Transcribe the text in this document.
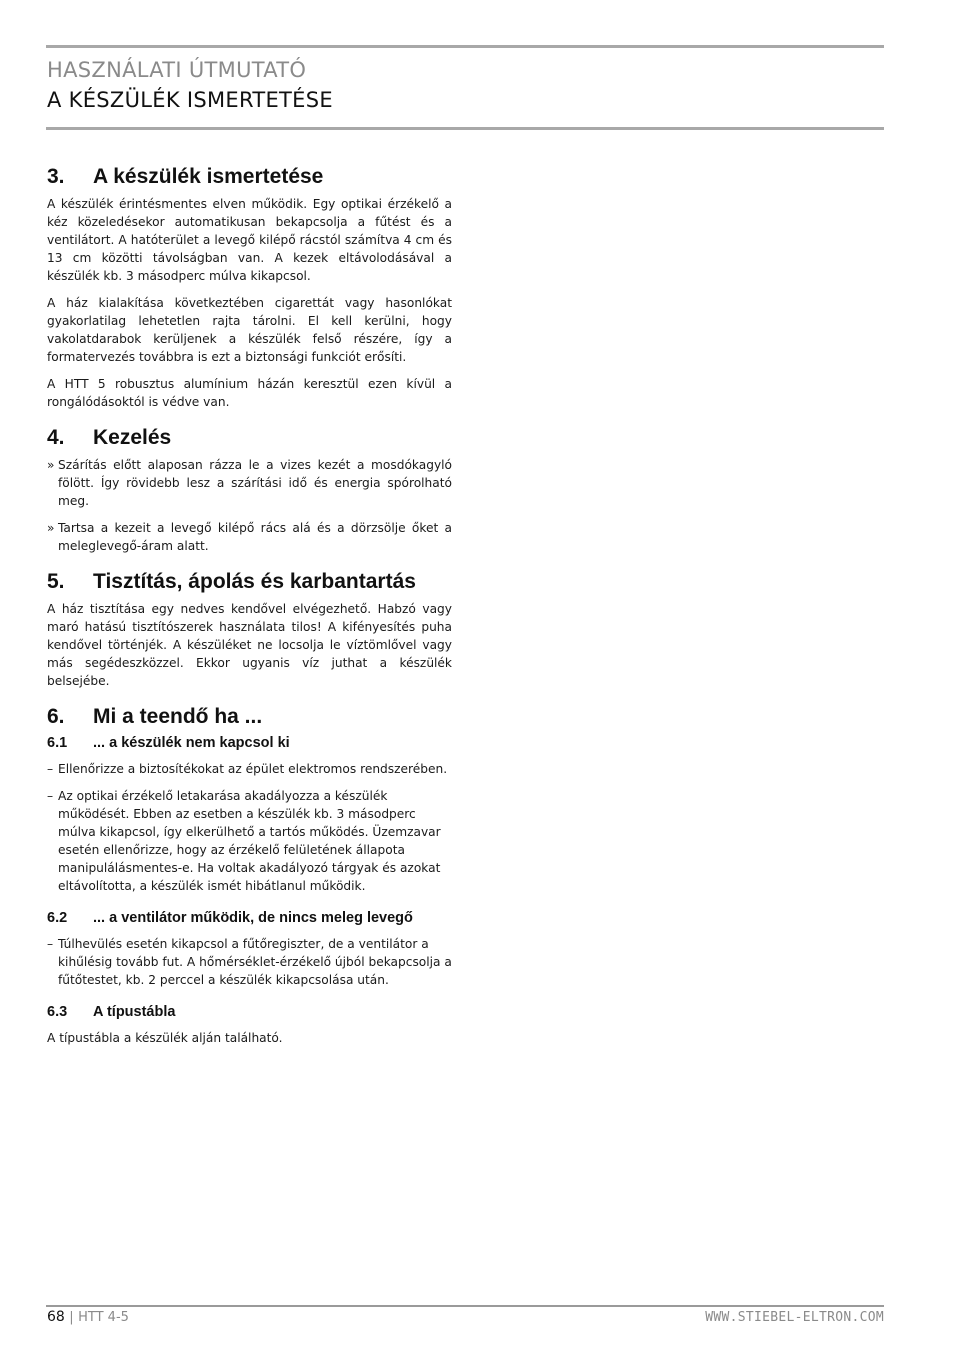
HASZNÁLATI ÚTMUTATÓ
A KÉSZÜLÉK ISMERTETÉSE
3.	A készülék ismertetése

A készülék érintésmentes elven működik. Egy optikai érzékelő a kéz közeledésekor automatikusan bekapcsolja a fűtést és a ventilátort. A hatóterület a levegő kilépő rácstól számítva 4 cm és 13 cm közötti távolságban van. A kezek eltávolodásával a készülék kb. 3 másodperc múlva kikapcsol.

A ház kialakítása következtében cigarettát vagy hasonlókat gyakorlatilag lehetetlen rajta tárolni. El kell kerülni, hogy vakolatdarabok kerüljenek a készülék felső részére, így a formatervezés továbbra is ezt a biztonsági funkciót erősíti.

A HTT 5 robusztus alumínium házán keresztül ezen kívül a rongálódásoktól is védve van.

4.	Kezelés
» Szárítás előtt alaposan rázza le a vizes kezét a mosdókagyló fölött. Így rövidebb lesz a szárítási idő és energia spórolható meg.
» Tartsa a kezeit a levegő kilépő rács alá és a dörzsölje őket a meleglevegő-áram alatt.
5.	Tisztítás, ápolás és karbantartás

A ház tisztítása egy nedves kendővel elvégezhető. Habzó vagy maró hatású tisztítószerek használata tilos! A kifényesítés puha kendővel történjék. A készüléket ne locsolja le víztömlővel vagy más segédeszközzel. Ekkor ugyanis víz juthat a készülék belsejébe.

6.	Mi a teendő ha ...
6.1	... a készülék nem kapcsol ki
– Ellenőrizze a biztosítékokat az épület elektromos rendszerében.
– Az optikai érzékelő letakarása akadályozza a készülék működését. Ebben az esetben a készülék kb. 3 másodperc múlva kikapcsol, így elkerülhető a tartós működés. Üzemzavar esetén ellenőrizze, hogy az érzékelő felületének állapota manipulálásmentes-e. Ha voltak akadályozó tárgyak és azokat eltávolította, a készülék ismét hibátlanul működik.
6.2	... a ventilátor működik, de nincs meleg levegő
– Túlhevülés esetén kikapcsol a fűtőregiszter, de a ventilátor a kihűlésig tovább fut. A hőmérséklet-érzékelő újból bekapcsolja a fűtőtestet, kb. 2 perccel a készülék kikapcsolása után.
6.3	A típustábla

A típustábla a készülék alján található.

68 | HTT 4-5	WWW.STIEBEL-ELTRON.COM
